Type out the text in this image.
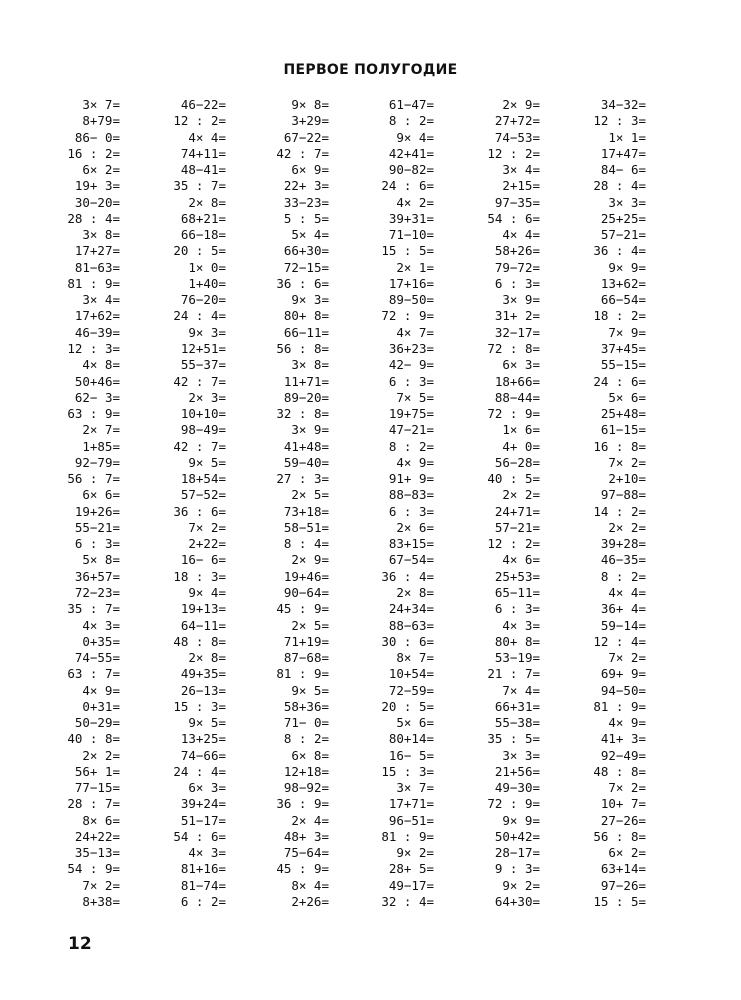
ПЕРВОЕ ПОЛУГОДИЕ
3× 7=
8+79=
86− 0=
16 : 2=
6× 2=
19+ 3=
30−20=
28 : 4=
3× 8=
17+27=
81−63=
81 : 9=
3× 4=
17+62=
46−39=
12 : 3=
4× 8=
50+46=
62− 3=
63 : 9=
2× 7=
1+85=
92−79=
56 : 7=
6× 6=
19+26=
55−21=
6 : 3=
5× 8=
36+57=
72−23=
35 : 7=
4× 3=
0+35=
74−55=
63 : 7=
4× 9=
0+31=
50−29=
40 : 8=
2× 2=
56+ 1=
77−15=
28 : 7=
8× 6=
24+22=
35−13=
54 : 9=
7× 2=
8+38=
46−22=
12 : 2=
4× 4=
74+11=
48−41=
35 : 7=
2× 8=
68+21=
66−18=
20 : 5=
1× 0=
1+40=
76−20=
24 : 4=
9× 3=
12+51=
55−37=
42 : 7=
2× 3=
10+10=
98−49=
42 : 7=
9× 5=
18+54=
57−52=
36 : 6=
7× 2=
2+22=
16− 6=
18 : 3=
9× 4=
19+13=
64−11=
48 : 8=
2× 8=
49+35=
26−13=
15 : 3=
9× 5=
13+25=
74−66=
24 : 4=
6× 3=
39+24=
51−17=
54 : 6=
4× 3=
81+16=
81−74=
6 : 2=
9× 8=
3+29=
67−22=
42 : 7=
6× 9=
22+ 3=
33−23=
5 : 5=
5× 4=
66+30=
72−15=
36 : 6=
9× 3=
80+ 8=
66−11=
56 : 8=
3× 8=
11+71=
89−20=
32 : 8=
3× 9=
41+48=
59−40=
27 : 3=
2× 5=
73+18=
58−51=
8 : 4=
2× 9=
19+46=
90−64=
45 : 9=
2× 5=
71+19=
87−68=
81 : 9=
9× 5=
58+36=
71− 0=
8 : 2=
6× 8=
12+18=
98−92=
36 : 9=
2× 4=
48+ 3=
75−64=
45 : 9=
8× 4=
2+26=
61−47=
8 : 2=
9× 4=
42+41=
90−82=
24 : 6=
4× 2=
39+31=
71−10=
15 : 5=
2× 1=
17+16=
89−50=
72 : 9=
4× 7=
36+23=
42− 9=
6 : 3=
7× 5=
19+75=
47−21=
8 : 2=
4× 9=
91+ 9=
88−83=
6 : 3=
2× 6=
83+15=
67−54=
36 : 4=
2× 8=
24+34=
88−63=
30 : 6=
8× 7=
10+54=
72−59=
20 : 5=
5× 6=
80+14=
16− 5=
15 : 3=
3× 7=
17+71=
96−51=
81 : 9=
9× 2=
28+ 5=
49−17=
32 : 4=
2× 9=
27+72=
74−53=
12 : 2=
3× 4=
2+15=
97−35=
54 : 6=
4× 4=
58+26=
79−72=
6 : 3=
3× 9=
31+ 2=
32−17=
72 : 8=
6× 3=
18+66=
88−44=
72 : 9=
1× 6=
4+ 0=
56−28=
40 : 5=
2× 2=
24+71=
57−21=
12 : 2=
4× 6=
25+53=
65−11=
6 : 3=
4× 3=
80+ 8=
53−19=
21 : 7=
7× 4=
66+31=
55−38=
35 : 5=
3× 3=
21+56=
49−30=
72 : 9=
9× 9=
50+42=
28−17=
9 : 3=
9× 2=
64+30=
34−32=
12 : 3=
1× 1=
17+47=
84− 6=
28 : 4=
3× 3=
25+25=
57−21=
36 : 4=
9× 9=
13+62=
66−54=
18 : 2=
7× 9=
37+45=
55−15=
24 : 6=
5× 6=
25+48=
61−15=
16 : 8=
7× 2=
2+10=
97−88=
14 : 2=
2× 2=
39+28=
46−35=
8 : 2=
4× 4=
36+ 4=
59−14=
12 : 4=
7× 2=
69+ 9=
94−50=
81 : 9=
4× 9=
41+ 3=
92−49=
48 : 8=
7× 2=
10+ 7=
27−26=
56 : 8=
6× 2=
63+14=
97−26=
15 : 5=
12
